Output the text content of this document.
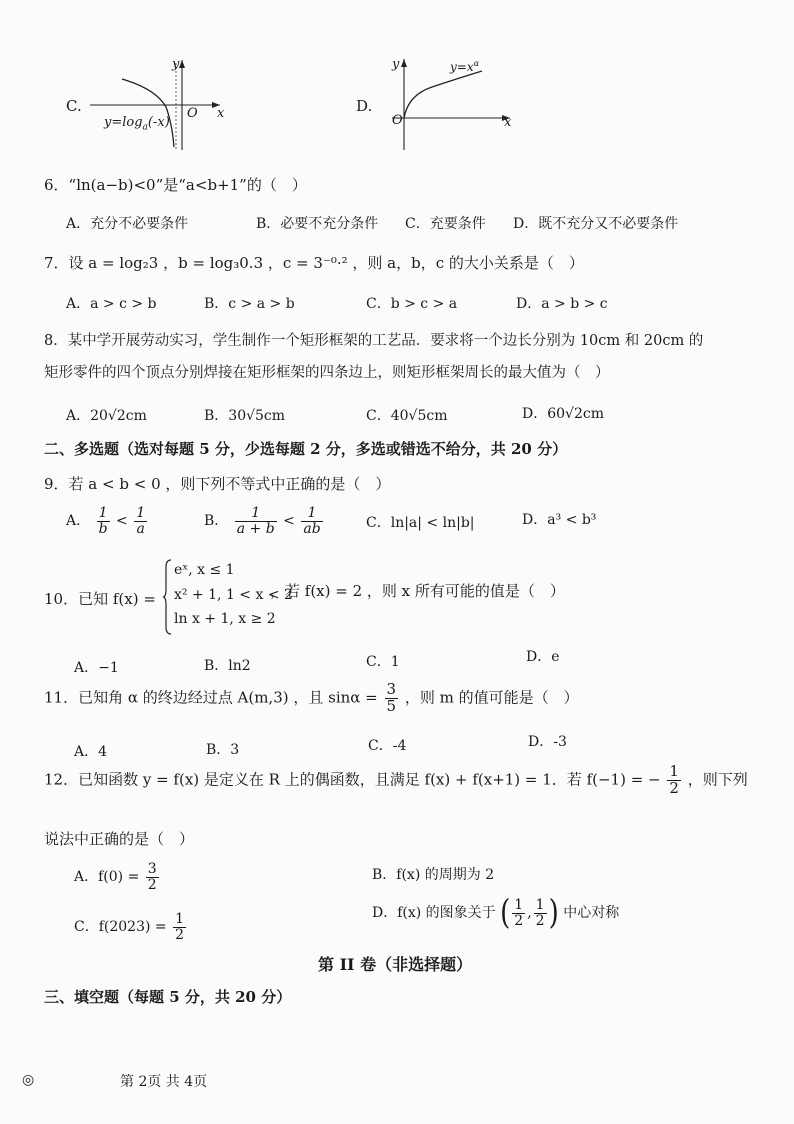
C.
y
x
O
$y=\log_a(-x)$
D.
y
x
O
$y=x^\alpha$
6．“ln(a−b)<0”是“a<b+1”的（　）
A．充分不必要条件	B．必要不充分条件 C．充要条件 D．既不充分又不必要条件
7．设 a = log₂3 ，b = log₃0.3 ，c = 3⁻⁰·² ，则 a，b，c 的大小关系是（　）
A．a > c > b	B．c > a > b	C．b > c > a	D．a > b > c
8．某中学开展劳动实习，学生制作一个矩形框架的工艺品．要求将一个边长分别为 10cm 和 20cm 的
矩形零件的四个顶点分别焊接在矩形框架的四条边上，则矩形框架周长的最大值为（　）
A．20√2cm	B．30√5cm	C．40√5cm	D．60√2cm
二、多选题（选对每题 5 分，少选每题 2 分，多选或错选不给分，共 20 分）
9．若 a < b < 0 ，则下列不等式中正确的是（　）
A． $\frac{1}{b} < \frac{1}{a}$	B． $\frac{1}{a + b} < \frac{1}{ab}$	C．ln|a| < ln|b|	D．a³ < b³
10．已知 f(x) =
eˣ, x ≤ 1
x² + 1, 1 < x < 2
ln x + 1, x ≥ 2
，若 f(x) = 2 ，则 x 所有可能的值是（　）
A．−1	B．ln2	C．1	D．e
11．已知角 α 的终边经过点 A(m,3) ，且 $\sin\alpha = \frac{3}{5}$ ，则 m 的值可能是（　）
A．4	B．3	C．-4	D．-3
12．已知函数 y = f(x) 是定义在 R 上的偶函数，且满足 f(x) + f(x+1) = 1．若 f(−1) = − $\frac{1}{2}$ ，则下列
说法中正确的是（　）
A．$f(0) = \frac{3}{2}$	B．f(x) 的周期为 2
C．$f(2023) = \frac{1}{2}$	D．f(x) 的图象关于 ( $\frac{1}{2}$ , $\frac{1}{2}$ ) 中心对称
第 II 卷（非选择题）
三、填空题（每题 5 分，共 20 分）
◎	第 2页 共 4页
